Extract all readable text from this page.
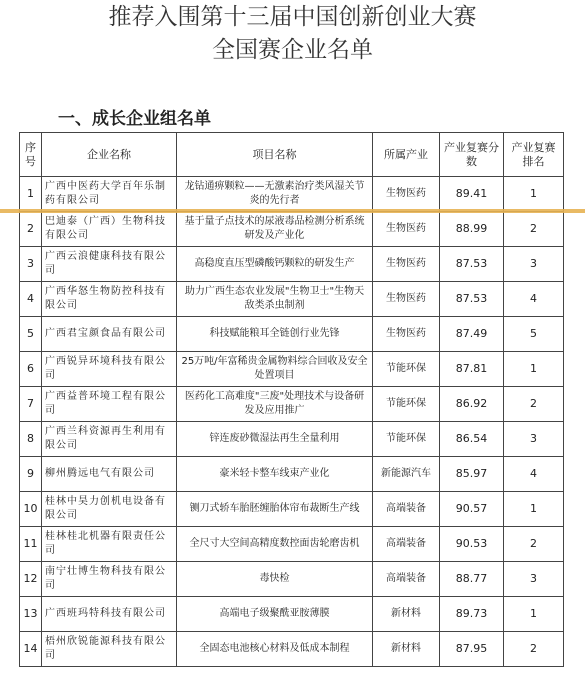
推荐入围第十三届中国创新创业大赛
全国赛企业名单
一、成长企业组名单
序号	企业名称	项目名称	所属产业	产业复赛分数	产业复赛排名
1	广西中医药大学百年乐制药有限公司	龙钻通痹颗粒——无激素治疗类风湿关节炎的先行者	生物医药	89.41	1
2	巴迪泰（广西）生物科技有限公司	基于量子点技术的尿液毒品检测分析系统研发及产业化	生物医药	88.99	2
3	广西云浪健康科技有限公司	高稳度直压型磷酸钙颗粒的研发生产	生物医药	87.53	3
4	广西华怒生物防控科技有限公司	助力广西生态农业发展"生物卫士"生物天敌类杀虫制剂	生物医药	87.53	4
5	广西君宝颜食品有限公司	科技赋能粮耳全链创行业先锋	生物医药	87.49	5
6	广西锐异环境科技有限公司	25万吨/年富稀贵金属物料综合回收及安全处置项目	节能环保	87.81	1
7	广西益普环境工程有限公司	医药化工高难度"三废"处理技术与设备研发及应用推广	节能环保	86.92	2
8	广西兰科资源再生利用有限公司	锌连废砂微湿法再生全量利用	节能环保	86.54	3
9	柳州腾远电气有限公司	豪米轻卡整车线束产业化	新能源汽车	85.97	4
10	桂林中昊力创机电设备有限公司	铡刀式轿车胎胚缠胎体帘布裁断生产线	高端装备	90.57	1
11	桂林桂北机器有限责任公司	全尺寸大空间高精度数控面齿轮磨齿机	高端装备	90.53	2
12	南宁壮博生物科技有限公司	毒快检	高端装备	88.77	3
13	广西班玛特科技有限公司	高端电子级聚酰亚胺薄膜	新材料	89.73	1
14	梧州欣锐能源科技有限公司	全固态电池核心材料及低成本制程	新材料	87.95	2
